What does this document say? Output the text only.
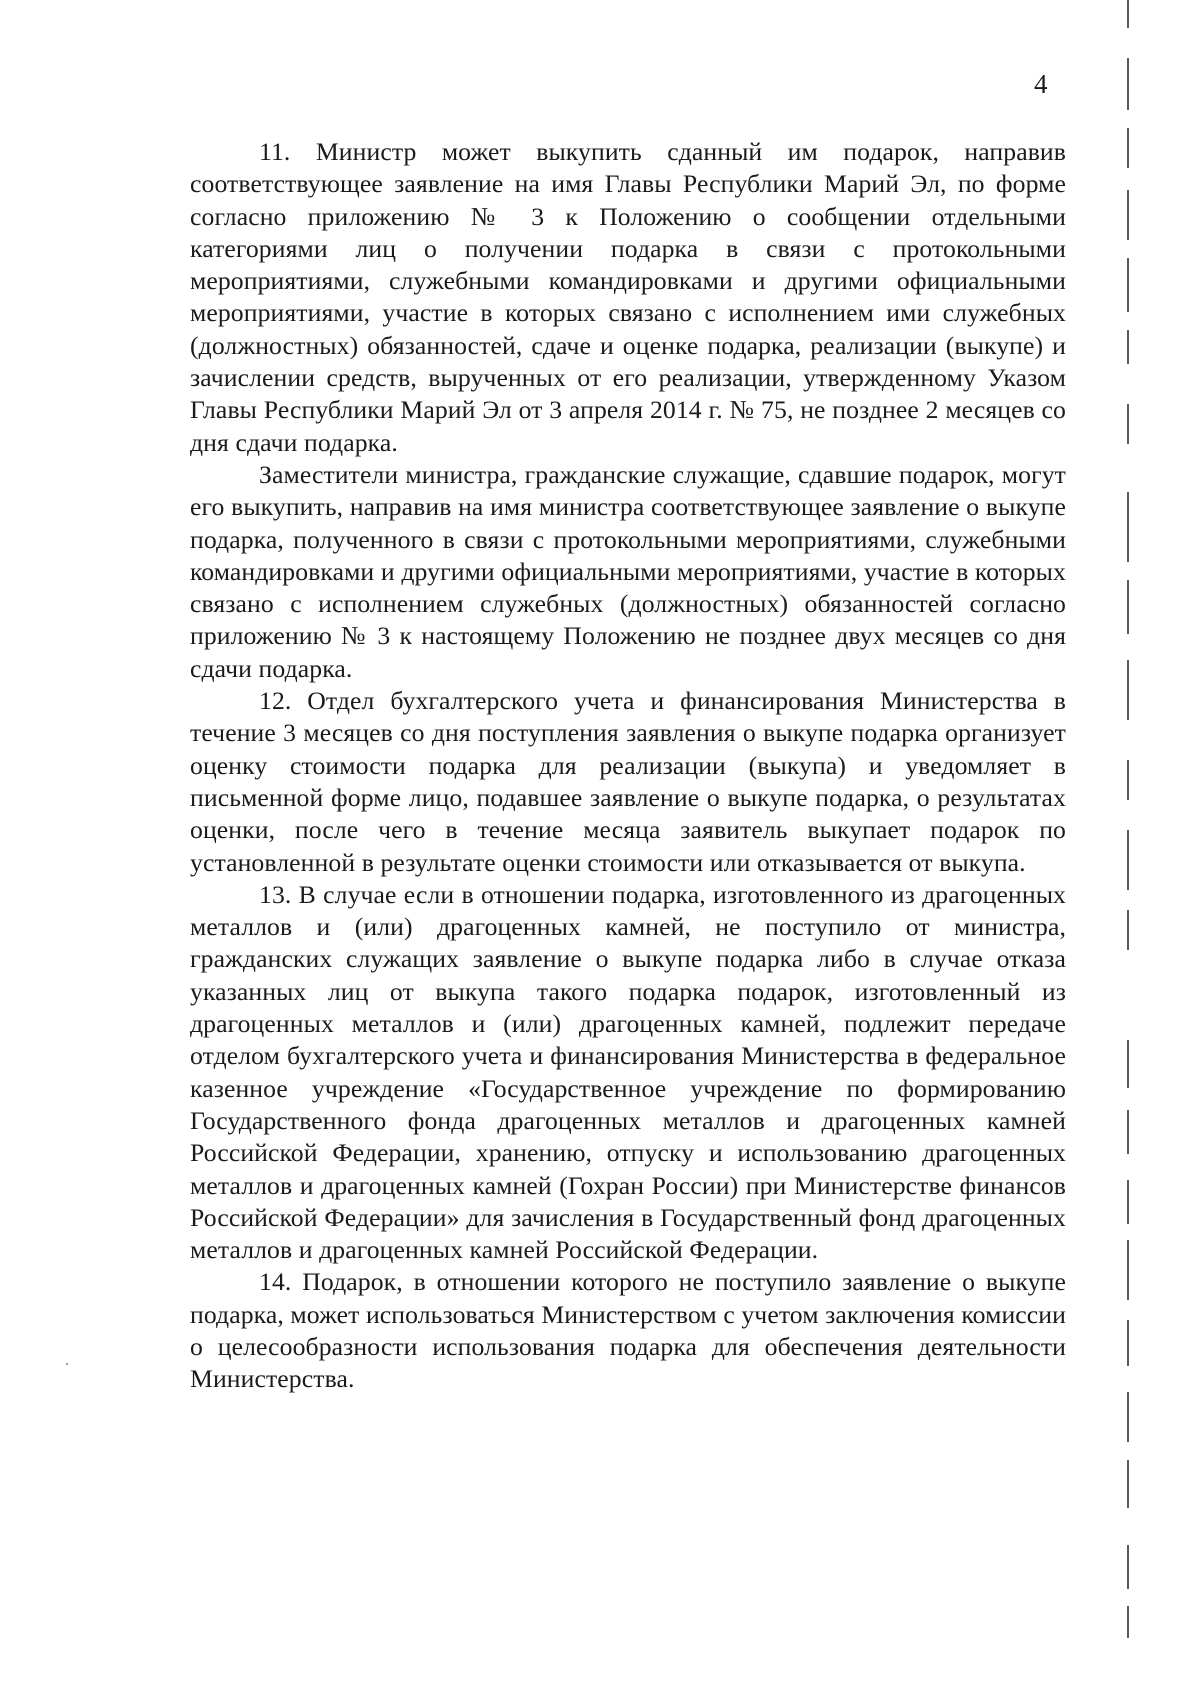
4

11. Министр может выкупить сданный им подарок, направив соответствующее заявление на имя Главы Республики Марий Эл, по форме согласно приложению № 3 к Положению о сообщении отдельными категориями лиц о получении подарка в связи с протокольными мероприятиями, служебными командировками и другими официальными мероприятиями, участие в которых связано с исполнением ими служебных (должностных) обязанностей, сдаче и оценке подарка, реализации (выкупе) и зачислении средств, вырученных от его реализации, утвержденному Указом Главы Республики Марий Эл от 3 апреля 2014 г. № 75, не позднее 2 месяцев со дня сдачи подарка.

Заместители министра, гражданские служащие, сдавшие подарок, могут его выкупить, направив на имя министра соответствующее заявление о выкупе подарка, полученного в связи с протокольными мероприятиями, служебными командировками и другими официальными мероприятиями, участие в которых связано с исполнением служебных (должностных) обязанностей согласно приложению № 3 к настоящему Положению не позднее двух месяцев со дня сдачи подарка.

12. Отдел бухгалтерского учета и финансирования Министерства в течение 3 месяцев со дня поступления заявления о выкупе подарка организует оценку стоимости подарка для реализации (выкупа) и уведомляет в письменной форме лицо, подавшее заявление о выкупе подарка, о результатах оценки, после чего в течение месяца заявитель выкупает подарок по установленной в результате оценки стоимости или отказывается от выкупа.

13. В случае если в отношении подарка, изготовленного из драгоценных металлов и (или) драгоценных камней, не поступило от министра, гражданских служащих заявление о выкупе подарка либо в случае отказа указанных лиц от выкупа такого подарка подарок, изготовленный из драгоценных металлов и (или) драгоценных камней, подлежит передаче отделом бухгалтерского учета и финансирования Министерства в федеральное казенное учреждение «Государственное учреждение по формированию Государственного фонда драгоценных металлов и драгоценных камней Российской Федерации, хранению, отпуску и использованию драгоценных металлов и драгоценных камней (Гохран России) при Министерстве финансов Российской Федерации» для зачисления в Государственный фонд драгоценных металлов и драгоценных камней Российской Федерации.

14. Подарок, в отношении которого не поступило заявление о выкупе подарка, может использоваться Министерством с учетом заключения комиссии о целесообразности использования подарка для обеспечения деятельности Министерства.
